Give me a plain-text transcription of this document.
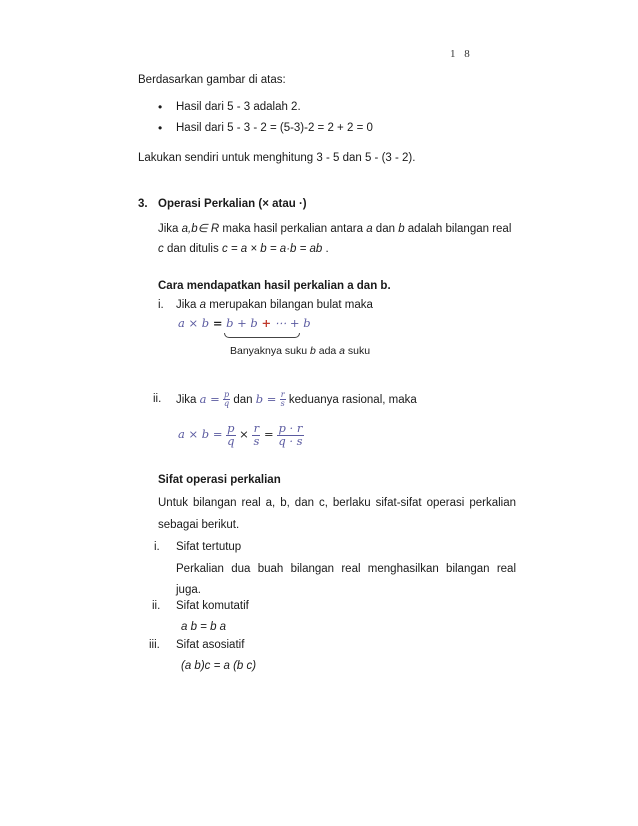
1 8
Berdasarkan gambar di atas:
• Hasil dari 5 - 3 adalah 2.
• Hasil dari 5 - 3 - 2 = (5-3)-2 = 2 + 2 = 0
Lakukan sendiri untuk menghitung 3 - 5 dan 5 - (3 - 2).
3. Operasi Perkalian (× atau ·)
Jika a,b∈ R maka hasil perkalian antara a dan b adalah bilangan real
c dan ditulis c = a × b = a·b = ab .
Cara mendapatkan hasil perkalian a dan b.
i. Jika a merupakan bilangan bulat maka
a × b = b + b + ⋯ + b
Banyaknya suku b ada a suku
ii. Jika $a = \frac{p}{q}$ dan $b = \frac{r}{s}$ keduanya rasional, maka
$a \times b = \frac{p}{q} \times \frac{r}{s} = \frac{p \cdot r}{q \cdot s}$
Sifat operasi perkalian
Untuk bilangan real a, b, dan c, berlaku sifat-sifat operasi perkalian
sebagai berikut.
i. Sifat tertutup
Perkalian dua buah bilangan real menghasilkan bilangan real
juga.
ii. Sifat komutatif
a b = b a
iii. Sifat asosiatif
(a b)c = a (b c)
